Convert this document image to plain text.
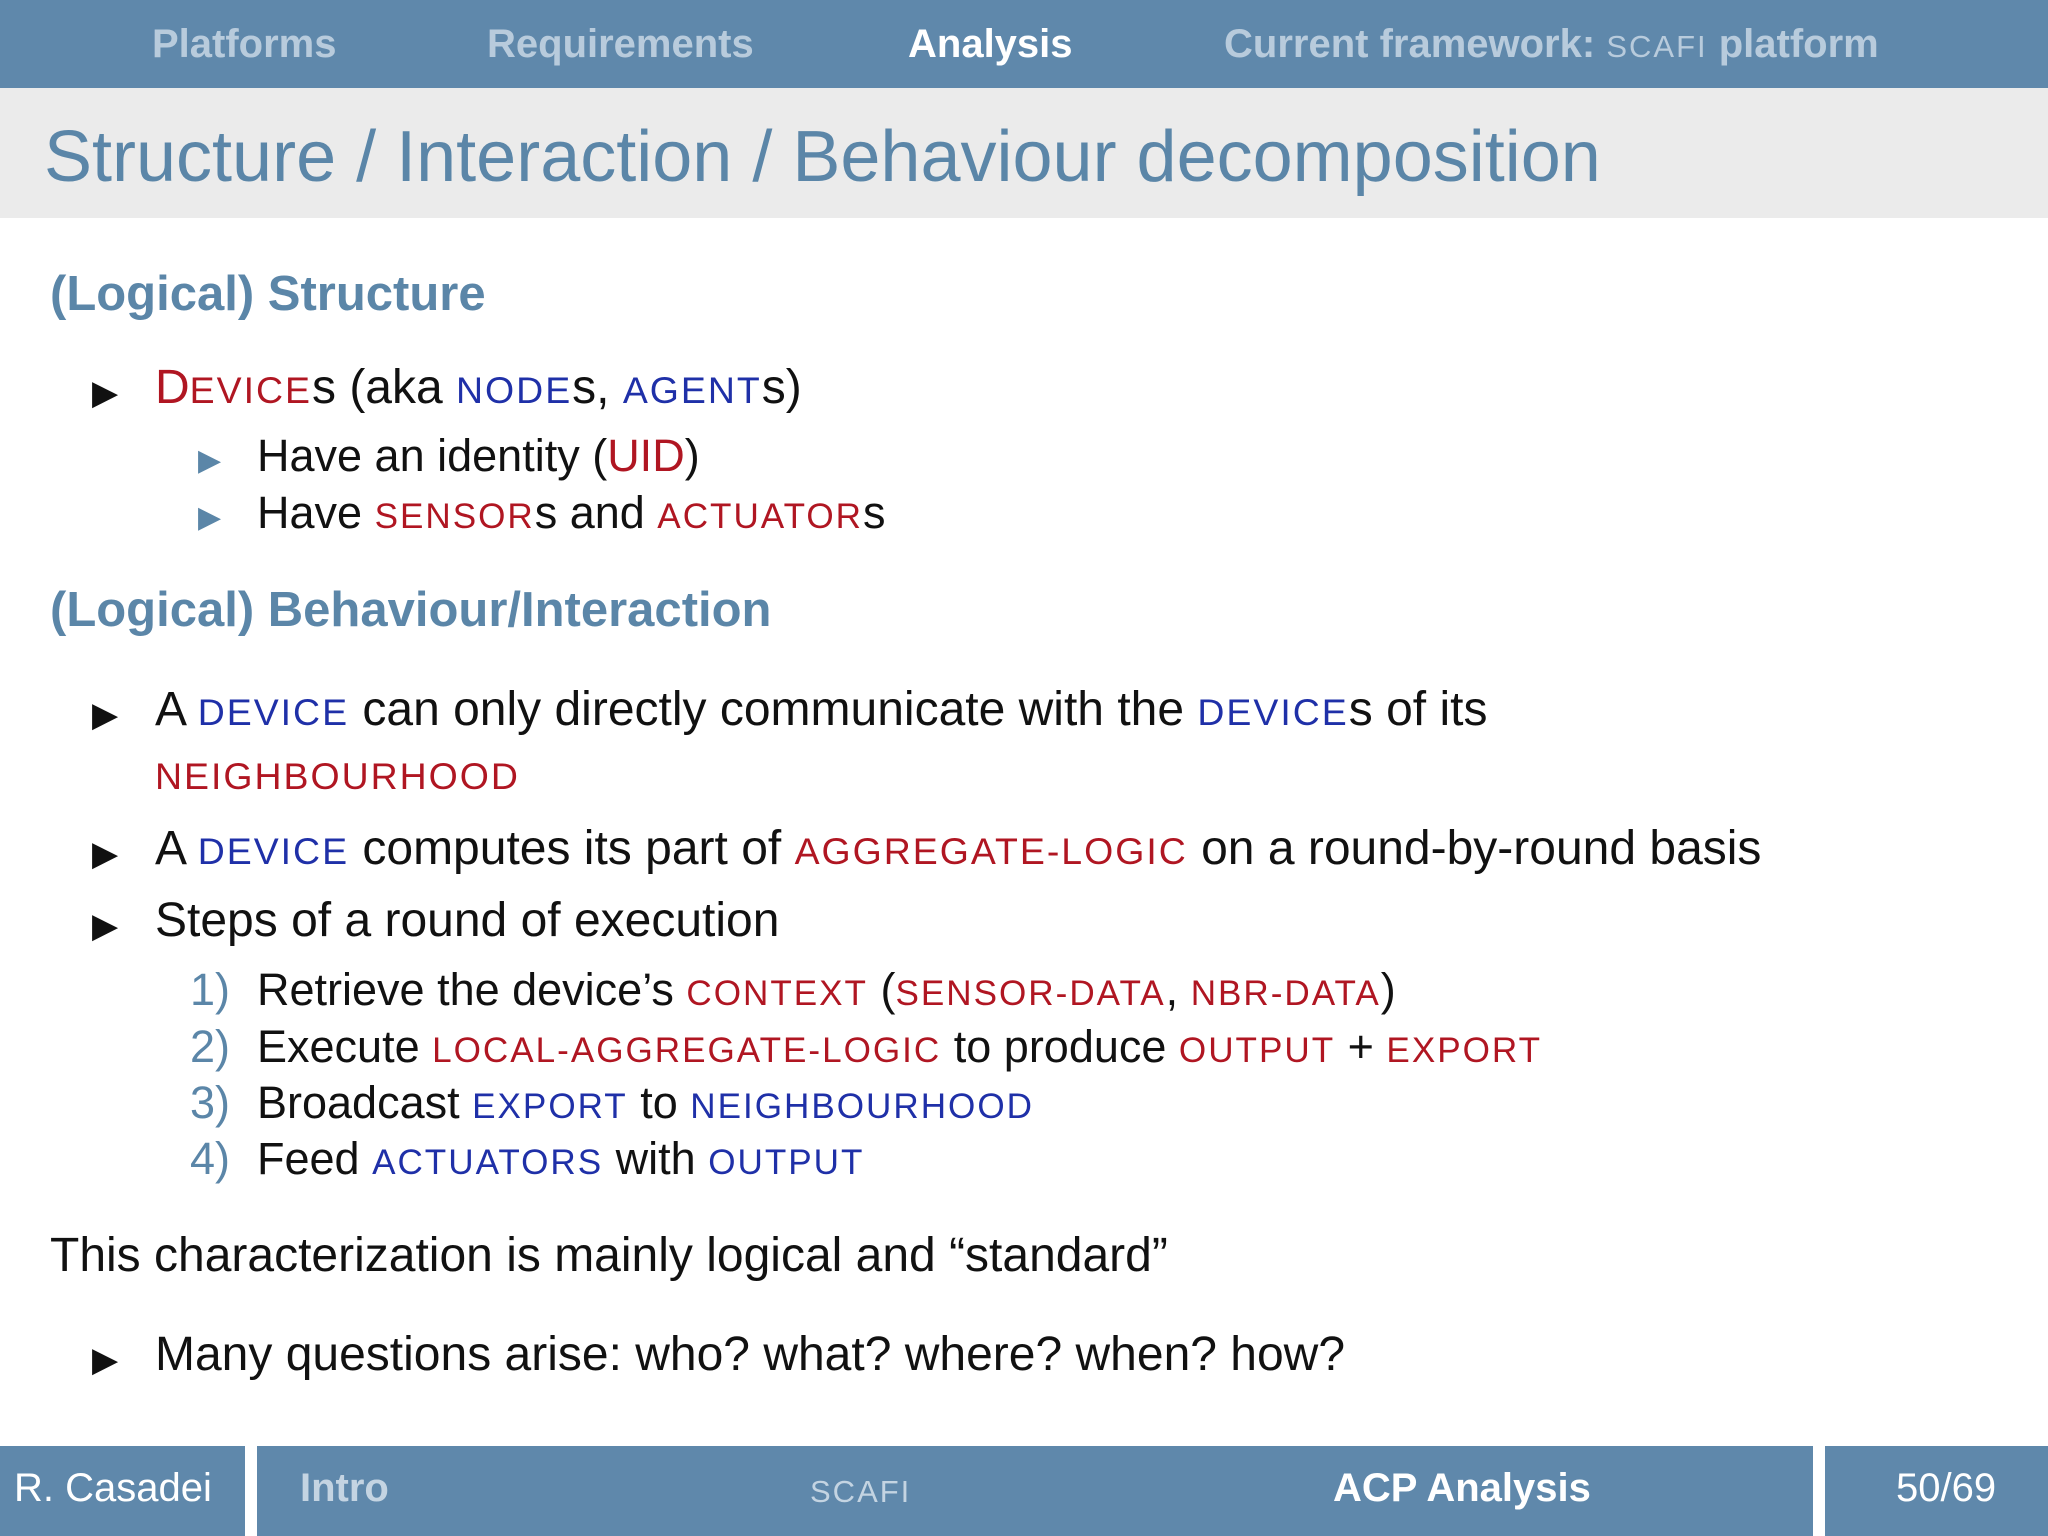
Platforms	Requirements	Analysis	Current framework: SCAFI platform
Structure / Interaction / Behaviour decomposition
(Logical) Structure
▶ DEVICEs (aka NODEs, AGENTs)
▶ Have an identity (UID)
▶ Have SENSORs and ACTUATORs
(Logical) Behaviour/Interaction
▶ A DEVICE can only directly communicate with the DEVICEs of its
NEIGHBOURHOOD
▶ A DEVICE computes its part of AGGREGATE-LOGIC on a round-by-round basis
▶ Steps of a round of execution
1) Retrieve the device’s CONTEXT (SENSOR-DATA, NBR-DATA)
2) Execute LOCAL-AGGREGATE-LOGIC to produce OUTPUT + EXPORT
3) Broadcast EXPORT to NEIGHBOURHOOD
4) Feed ACTUATORS with OUTPUT
This characterization is mainly logical and “standard”
▶ Many questions arise: who? what? where? when? how?
R. Casadei Intro	SCAFI	ACP Analysis	50/69
